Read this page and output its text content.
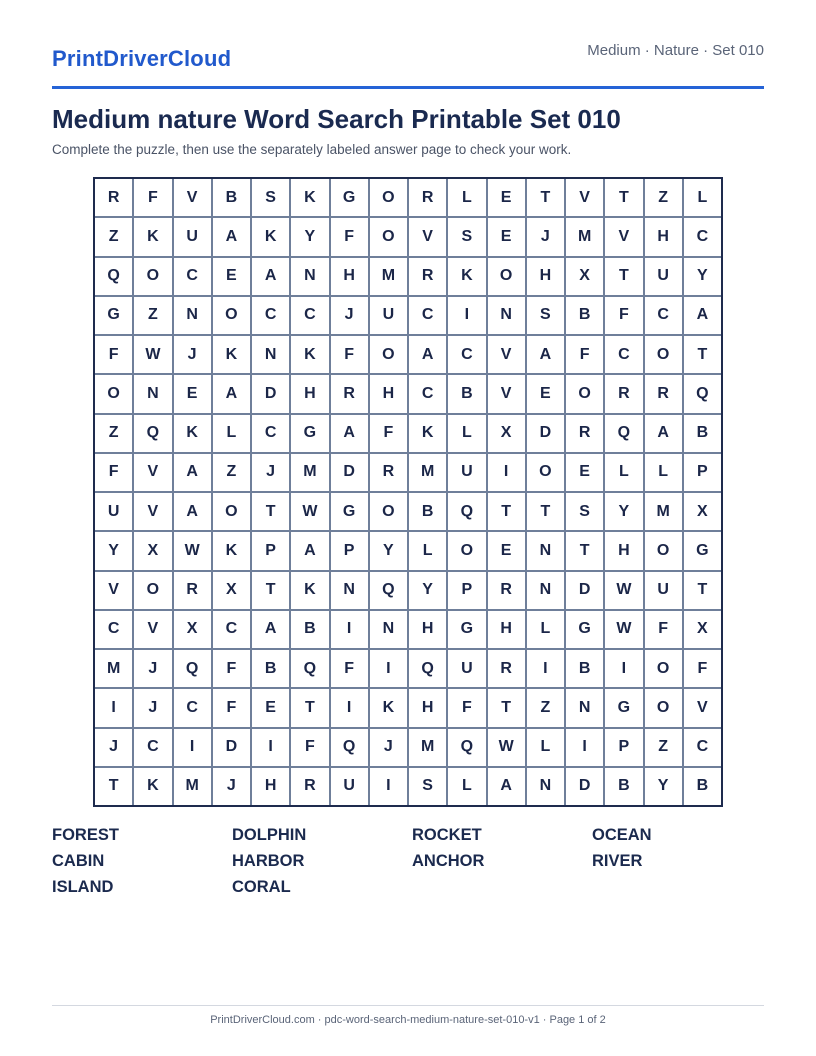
PrintDriverCloud	Medium · Nature · Set 010
Medium nature Word Search Printable Set 010
Complete the puzzle, then use the separately labeled answer page to check your work.
R	F	V	B	S	K	G	O	R	L	E	T	V	T	Z	L
Z	K	U	A	K	Y	F	O	V	S	E	J	M	V	H	C
Q	O	C	E	A	N	H	M	R	K	O	H	X	T	U	Y
G	Z	N	O	C	C	J	U	C	I	N	S	B	F	C	A
F	W	J	K	N	K	F	O	A	C	V	A	F	C	O	T
O	N	E	A	D	H	R	H	C	B	V	E	O	R	R	Q
Z	Q	K	L	C	G	A	F	K	L	X	D	R	Q	A	B
F	V	A	Z	J	M	D	R	M	U	I	O	E	L	L	P
U	V	A	O	T	W	G	O	B	Q	T	T	S	Y	M	X
Y	X	W	K	P	A	P	Y	L	O	E	N	T	H	O	G
V	O	R	X	T	K	N	Q	Y	P	R	N	D	W	U	T
C	V	X	C	A	B	I	N	H	G	H	L	G	W	F	X
M	J	Q	F	B	Q	F	I	Q	U	R	I	B	I	O	F
I	J	C	F	E	T	I	K	H	F	T	Z	N	G	O	V
J	C	I	D	I	F	Q	J	M	Q	W	L	I	P	Z	C
T	K	M	J	H	R	U	I	S	L	A	N	D	B	Y	B
FOREST	DOLPHIN	ROCKET	OCEAN
CABIN	HARBOR	ANCHOR	RIVER
ISLAND	CORAL
PrintDriverCloud.com · pdc-word-search-medium-nature-set-010-v1 · Page 1 of 2
